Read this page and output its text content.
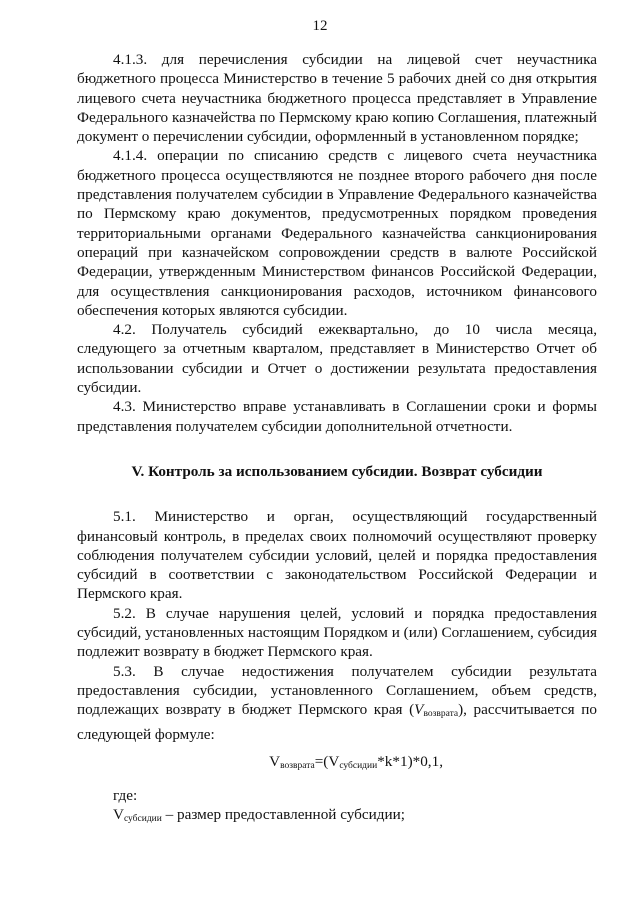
12

4.1.3. для перечисления субсидии на лицевой счет неучастника бюджетного процесса Министерство в течение 5 рабочих дней со дня открытия лицевого счета неучастника бюджетного процесса представляет в Управление Федерального казначейства по Пермскому краю копию Соглашения, платежный документ о перечислении субсидии, оформленный в установленном порядке;

4.1.4. операции по списанию средств с лицевого счета неучастника бюджетного процесса осуществляются не позднее второго рабочего дня после представления получателем субсидии в Управление Федерального казначейства по Пермскому краю документов, предусмотренных порядком проведения территориальными органами Федерального казначейства санкционирования операций при казначейском сопровождении средств в валюте Российской Федерации, утвержденным Министерством финансов Российской Федерации, для осуществления санкционирования расходов, источником финансового обеспечения которых являются субсидии.

4.2. Получатель субсидий ежеквартально, до 10 числа месяца, следующего за отчетным кварталом, представляет в Министерство Отчет об использовании субсидии и Отчет о достижении результата предоставления субсидии.

4.3. Министерство вправе устанавливать в Соглашении сроки и формы представления получателем субсидии дополнительной отчетности.

V. Контроль за использованием субсидии. Возврат субсидии

5.1. Министерство и орган, осуществляющий государственный финансовый контроль, в пределах своих полномочий осуществляют проверку соблюдения получателем субсидии условий, целей и порядка предоставления субсидий в соответствии с законодательством Российской Федерации и Пермского края.

5.2. В случае нарушения целей, условий и порядка предоставления субсидий, установленных настоящим Порядком и (или) Соглашением, субсидия подлежит возврату в бюджет Пермского края.

5.3. В случае недостижения получателем субсидии результата предоставления субсидии, установленного Соглашением, объем средств, подлежащих возврату в бюджет Пермского края $(V_{возврата})$, рассчитывается по следующей формуле:

$V_{возврата}=(V_{субсидии}*k*1)*0,1$,

где:

$V_{субсидии}$ – размер предоставленной субсидии;
